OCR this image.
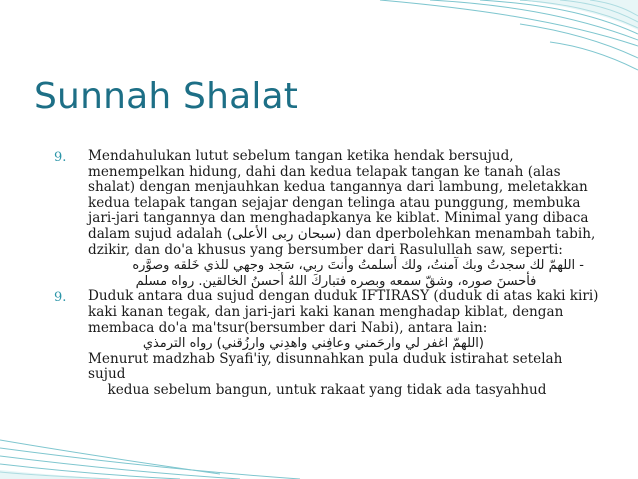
Sunnah Shalat
9.	Mendahulukan lutut sebelum tangan ketika hendak bersujud, menempelkan hidung, dahi dan kedua telapak tangan ke tanah (alas shalat) dengan menjauhkan kedua tangannya dari lambung, meletakkan kedua telapak tangan sejajar dengan telinga atau punggung, membuka jari-jari tangannya dan menghadapkanya ke kiblat. Minimal yang dibaca dalam sujud adalah (سبحان ربى الأعلى) dan dperbolehkan menambah tabih, dzikir, dan do'a khusus yang bersumber dari Rasulullah saw, seperti:
- اللهمّ لك سجدتُ وبك آمنتُ، ولك أسلمتُ وأنتَ ربي، سَجد وجهي للذي خَلقه وصوَّره
فأحسنَ صوره، وشقّ سمعه وبصره فتباركَ اللهُ أحسنُ الخالقين. رواه مسلم
9.	Duduk antara dua sujud dengan duduk IFTIRASY (duduk di atas kaki kiri) kaki kanan tegak, dan jari-jari kaki kanan menghadap kiblat, dengan membaca do'a ma'tsur(bersumber dari Nabi), antara lain:
(اللهمّ اغفر لي وارحَمني وعافِني واهدِني وارزُقني) رواه الترمذي
Menurut madzhab Syafi'iy, disunnahkan pula duduk istirahat setelah sujud
kedua sebelum bangun, untuk rakaat yang tidak ada tasyahhud
